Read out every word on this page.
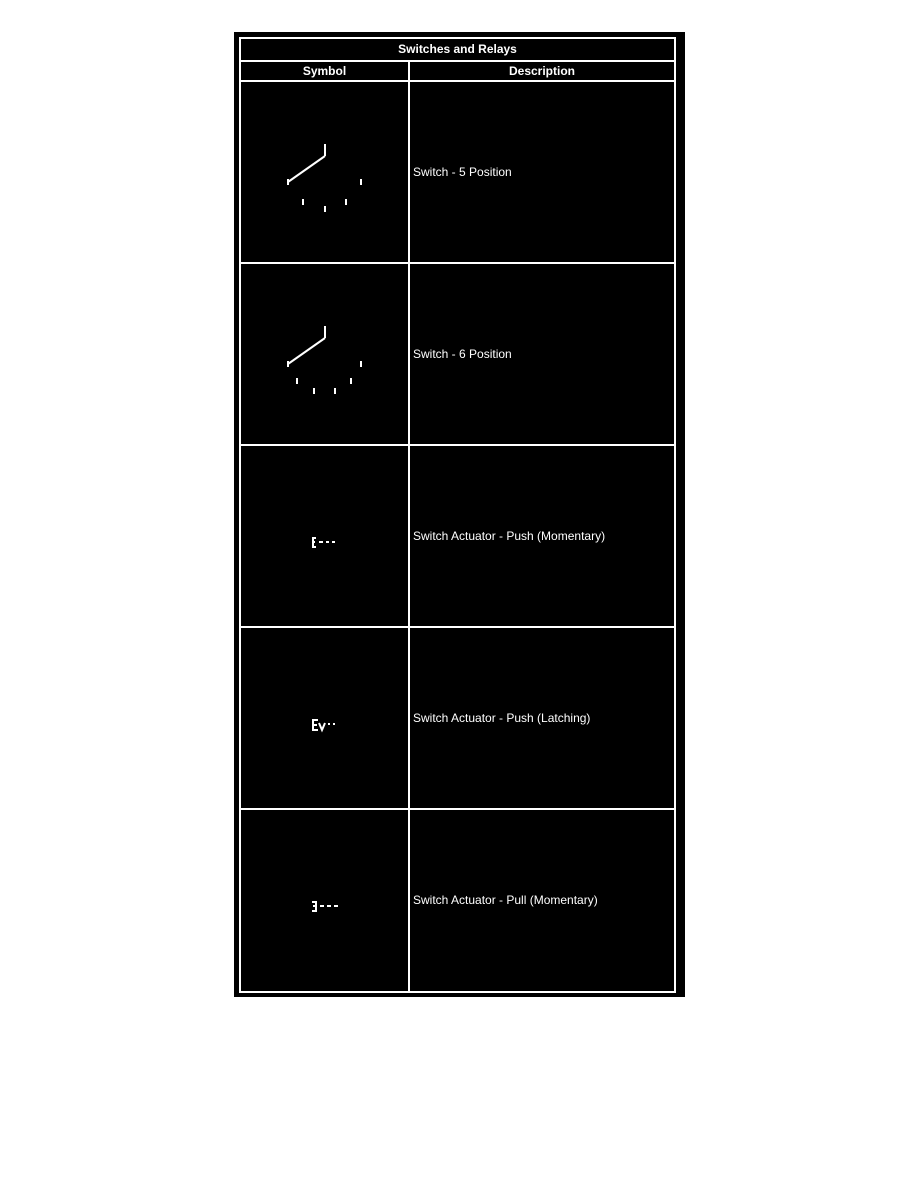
Switches and Relays
Symbol	Description
Switch - 5 Position
Switch - 6 Position
Switch Actuator - Push (Momentary)
Switch Actuator - Push (Latching)
Switch Actuator - Pull (Momentary)
